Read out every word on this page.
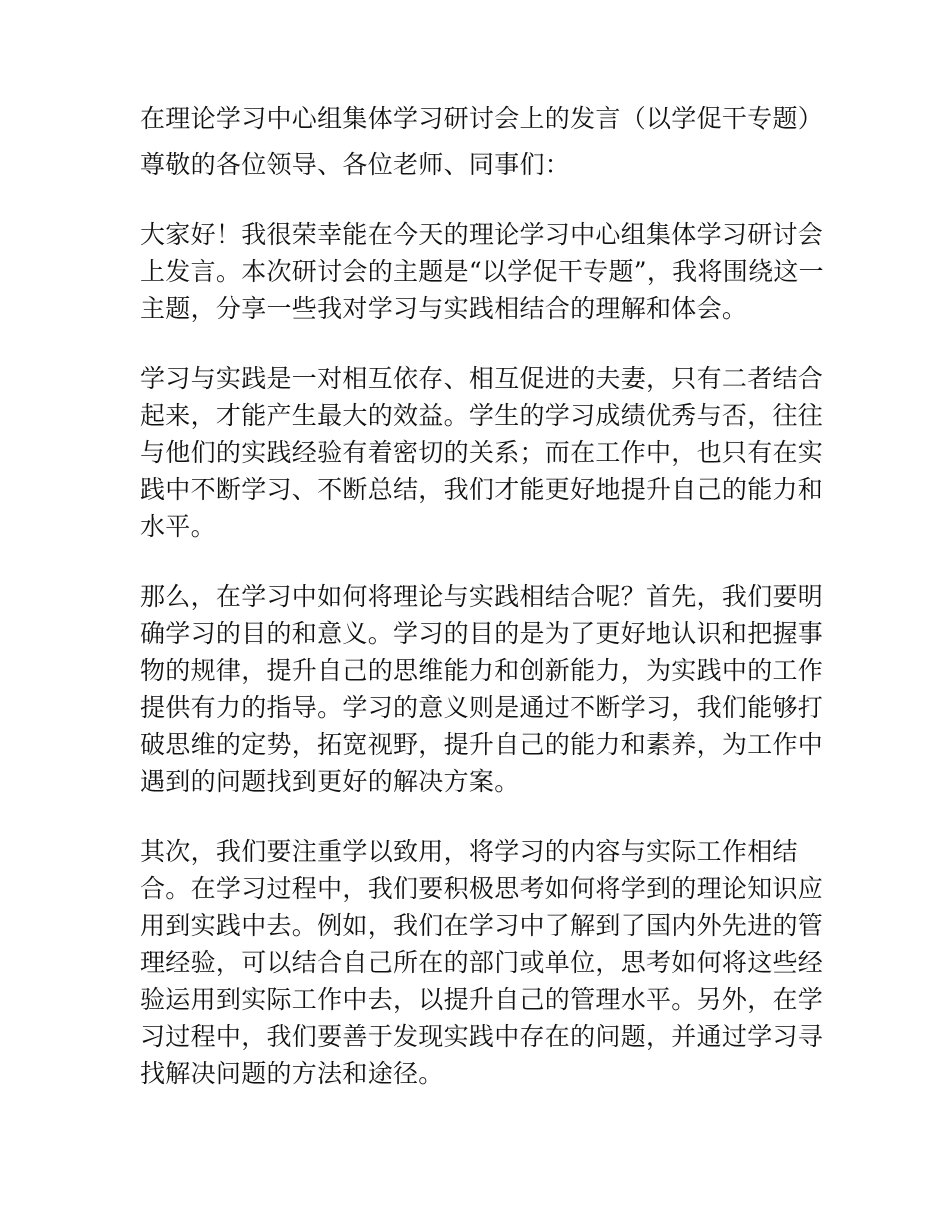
在理论学习中心组集体学习研讨会上的发言（以学促干专题）

尊敬的各位领导、各位老师、同事们：

大家好！我很荣幸能在今天的理论学习中心组集体学习研讨会上发言。本次研讨会的主题是“以学促干专题”，我将围绕这一主题，分享一些我对学习与实践相结合的理解和体会。

学习与实践是一对相互依存、相互促进的夫妻，只有二者结合起来，才能产生最大的效益。学生的学习成绩优秀与否，往往与他们的实践经验有着密切的关系；而在工作中，也只有在实践中不断学习、不断总结，我们才能更好地提升自己的能力和水平。

那么，在学习中如何将理论与实践相结合呢？首先，我们要明确学习的目的和意义。学习的目的是为了更好地认识和把握事物的规律，提升自己的思维能力和创新能力，为实践中的工作提供有力的指导。学习的意义则是通过不断学习，我们能够打破思维的定势，拓宽视野，提升自己的能力和素养，为工作中遇到的问题找到更好的解决方案。

其次，我们要注重学以致用，将学习的内容与实际工作相结合。在学习过程中，我们要积极思考如何将学到的理论知识应用到实践中去。例如，我们在学习中了解到了国内外先进的管理经验，可以结合自己所在的部门或单位，思考如何将这些经验运用到实际工作中去，以提升自己的管理水平。另外，在学习过程中，我们要善于发现实践中存在的问题，并通过学习寻找解决问题的方法和途径。
